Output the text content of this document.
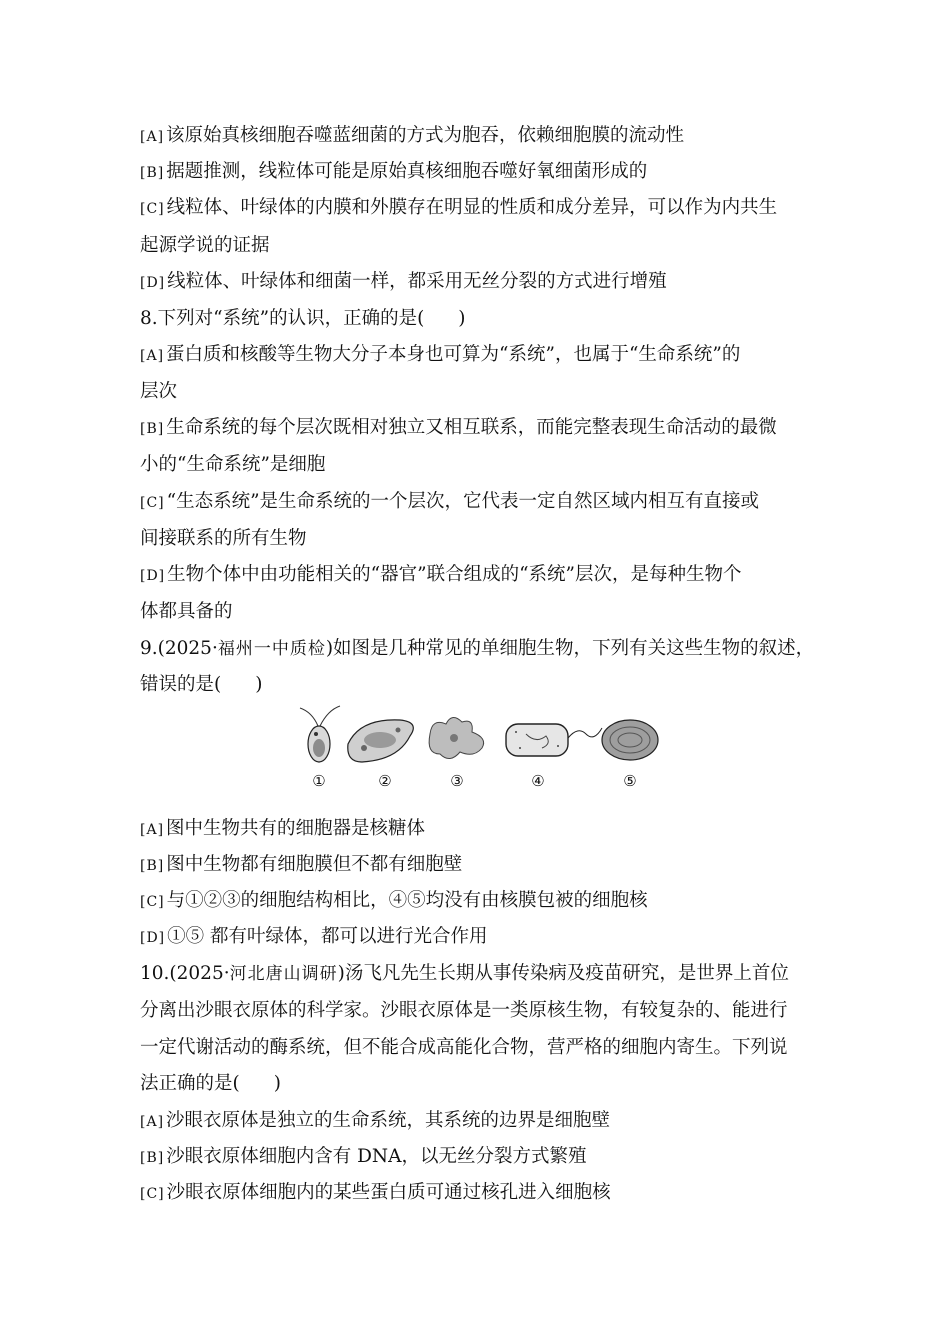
[A] 该原始真核细胞吞噬蓝细菌的方式为胞吞，依赖细胞膜的流动性
[B] 据题推测，线粒体可能是原始真核细胞吞噬好氧细菌形成的
[C] 线粒体、叶绿体的内膜和外膜存在明显的性质和成分差异，可以作为内共生
起源学说的证据
[D] 线粒体、叶绿体和细菌一样，都采用无丝分裂的方式进行增殖
8.下列对“系统”的认识，正确的是( )
[A] 蛋白质和核酸等生物大分子本身也可算为“系统”，也属于“生命系统”的
层次
[B] 生命系统的每个层次既相对独立又相互联系，而能完整表现生命活动的最微
小的“生命系统”是细胞
[C] “生态系统”是生命系统的一个层次，它代表一定自然区域内相互有直接或
间接联系的所有生物
[D] 生物个体中由功能相关的“器官”联合组成的“系统”层次，是每种生物个
体都具备的
9.(2025·福州一中质检)如图是几种常见的单细胞生物，下列有关这些生物的叙述，
错误的是( )
①	②	③	④	⑤
[A] 图中生物共有的细胞器是核糖体
[B] 图中生物都有细胞膜但不都有细胞壁
[C] 与①②③的细胞结构相比，④⑤均没有由核膜包被的细胞核
[D] ①⑤ 都有叶绿体，都可以进行光合作用
10.(2025·河北唐山调研)汤飞凡先生长期从事传染病及疫苗研究，是世界上首位
分离出沙眼衣原体的科学家。沙眼衣原体是一类原核生物，有较复杂的、能进行
一定代谢活动的酶系统，但不能合成高能化合物，营严格的细胞内寄生。下列说
法正确的是( )
[A] 沙眼衣原体是独立的生命系统，其系统的边界是细胞壁
[B] 沙眼衣原体细胞内含有 DNA，以无丝分裂方式繁殖
[C] 沙眼衣原体细胞内的某些蛋白质可通过核孔进入细胞核
